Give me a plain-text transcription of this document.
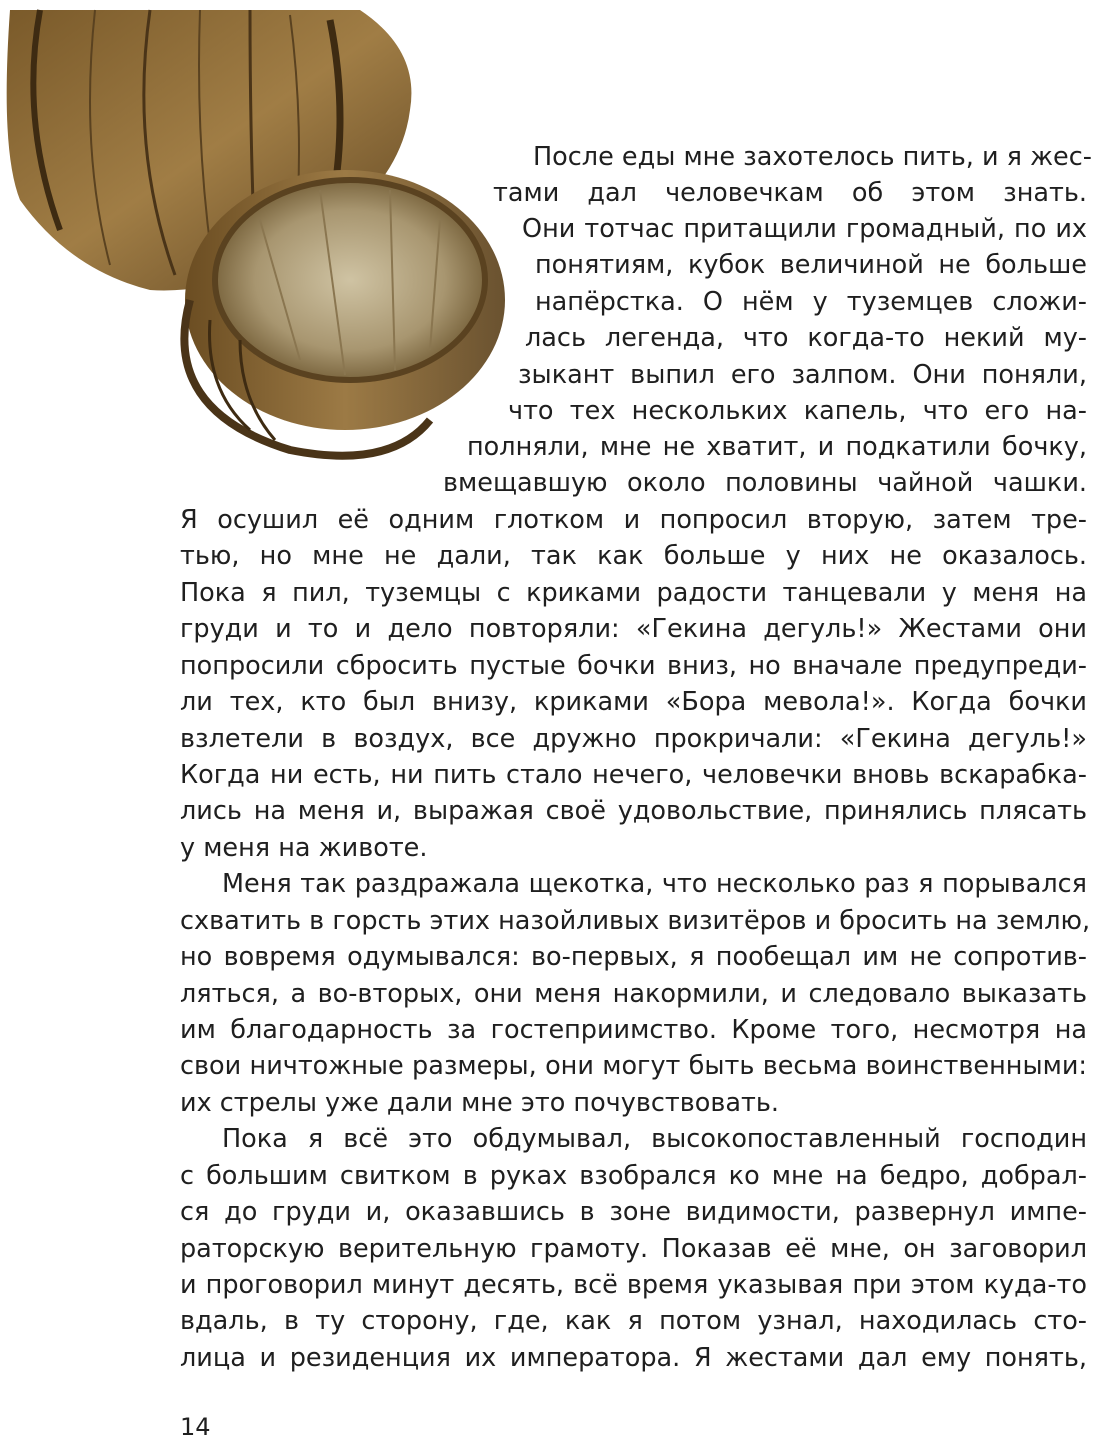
После еды мне захотелось пить, и я жес-
тами дал человечкам об этом знать.
Они тотчас притащили громадный, по их
понятиям, кубок величиной не больше
напёрстка. О нём у туземцев сложи-
лась легенда, что когда-то некий му-
зыкант выпил его залпом. Они поняли,
что тех нескольких капель, что его на-
полняли, мне не хватит, и подкатили бочку,
вмещавшую около половины чайной чашки.
Я осушил её одним глотком и попросил вторую, затем тре-
тью, но мне не дали, так как больше у них не оказалось.
Пока я пил, туземцы с криками радости танцевали у меня на
груди и то и дело повторяли: «Гекина дегуль!» Жестами они
попросили сбросить пустые бочки вниз, но вначале предупреди-
ли тех, кто был внизу, криками «Бора мевола!». Когда бочки
взлетели в воздух, все дружно прокричали: «Гекина дегуль!»
Когда ни есть, ни пить стало нечего, человечки вновь вскарабка-
лись на меня и, выражая своё удовольствие, принялись плясать
у меня на животе.
Меня так раздражала щекотка, что несколько раз я порывался
схватить в горсть этих назойливых визитёров и бросить на землю,
но вовремя одумывался: во-первых, я пообещал им не сопротив-
ляться, а во-вторых, они меня накормили, и следовало выказать
им благодарность за гостеприимство. Кроме того, несмотря на
свои ничтожные размеры, они могут быть весьма воинственными:
их стрелы уже дали мне это почувствовать.
Пока я всё это обдумывал, высокопоставленный господин
с большим свитком в руках взобрался ко мне на бедро, добрал-
ся до груди и, оказавшись в зоне видимости, развернул импе-
раторскую верительную грамоту. Показав её мне, он заговорил
и проговорил минут десять, всё время указывая при этом куда-то
вдаль, в ту сторону, где, как я потом узнал, находилась сто-
лица и резиденция их императора. Я жестами дал ему понять,
14
